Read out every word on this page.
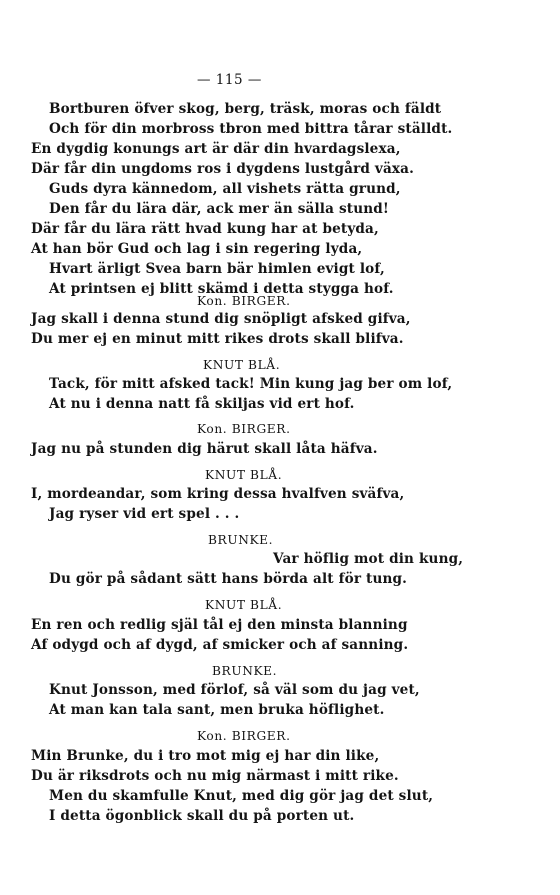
— 115 —
Bortburen öfver skog, berg, träsk, moras och fäldt
Och för din morbross tbron med bittra tårar ställdt.
En dygdig konungs art är där din hvardagslexa,
Där får din ungdoms ros i dygdens lustgård växa.
Guds dyra kännedom, all vishets rätta grund,
Den får du lära där, ack mer än sälla stund!
Där får du lära rätt hvad kung har at betyda,
At han bör Gud och lag i sin regering lyda,
Hvart ärligt Svea barn bär himlen evigt lof,
At printsen ej blitt skämd i detta stygga hof.
Kon. BIRGER.
Jag skall i denna stund dig snöpligt afsked gifva,
Du mer ej en minut mitt rikes drots skall blifva.
KNUT BLÅ.
Tack, för mitt afsked tack! Min kung jag ber om lof,
At nu i denna natt få skiljas vid ert hof.
Kon. BIRGER.
Jag nu på stunden dig härut skall låta häfva.
KNUT BLÅ.
I, mordeandar, som kring dessa hvalfven sväfva,
Jag ryser vid ert spel . . .
BRUNKE.
Var höflig mot din kung,
Du gör på sådant sätt hans börda alt för tung.
KNUT BLÅ.
En ren och redlig själ tål ej den minsta blanning
Af odygd och af dygd, af smicker och af sanning.
BRUNKE.
Knut Jonsson, med förlof, så väl som du jag vet,
At man kan tala sant, men bruka höflighet.
Kon. BIRGER.
Min Brunke, du i tro mot mig ej har din like,
Du är riksdrots och nu mig närmast i mitt rike.
Men du skamfulle Knut, med dig gör jag det slut,
I detta ögonblick skall du på porten ut.
